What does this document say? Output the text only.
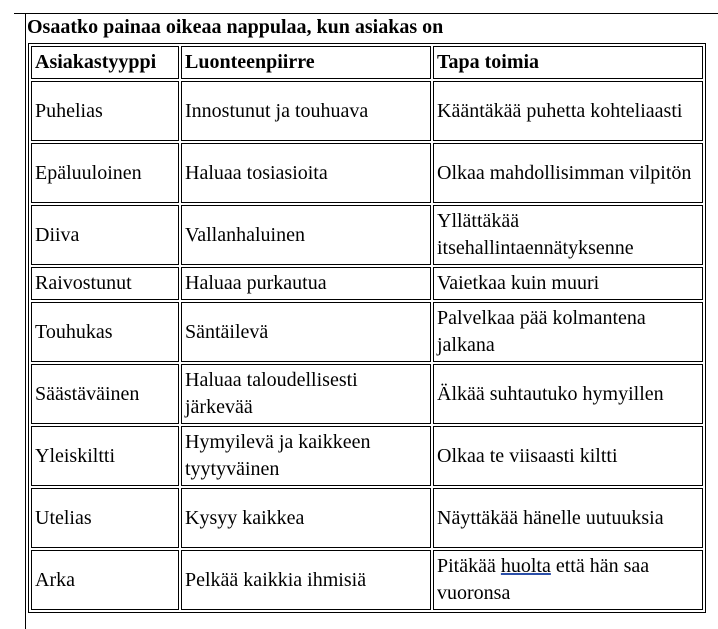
Osaatko painaa oikeaa nappulaa, kun asiakas on
Asiakastyyppi	Luonteenpiirre	Tapa toimia
Puhelias	Innostunut ja touhuava	Kääntäkää puhetta kohteliaasti
Epäluuloinen	Haluaa tosiasioita	Olkaa mahdollisimman vilpitön
Diiva	Vallanhaluinen	Yllättäkää itsehallintaennätyksenne
Raivostunut	Haluaa purkautua	Vaietkaa kuin muuri
Touhukas	Säntäilevä	Palvelkaa pää kolmantena jalkana
Säästäväinen	Haluaa taloudellisesti järkevää	Älkää suhtautuko hymyillen
Yleiskiltti	Hymyilevä ja kaikkeen tyytyväinen	Olkaa te viisaasti kiltti
Utelias	Kysyy kaikkea	Näyttäkää hänelle uutuuksia
Arka	Pelkää kaikkia ihmisiä	Pitäkää huolta että hän saa vuoronsa
